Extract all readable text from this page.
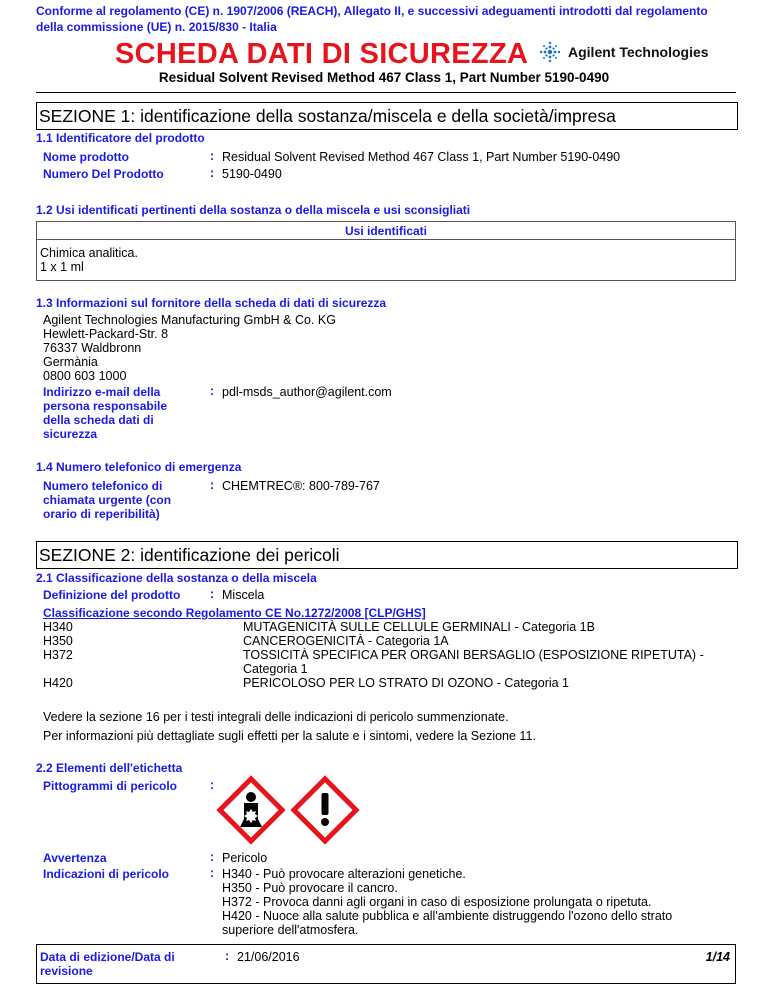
Conforme al regolamento (CE) n. 1907/2006 (REACH), Allegato II, e successivi adeguamenti introdotti dal regolamento della commissione (UE) n. 2015/830 - Italia
SCHEDA DATI DI SICUREZZA	Agilent Technologies
Residual Solvent Revised Method 467 Class 1, Part Number 5190-0490
SEZIONE 1: identificazione della sostanza/miscela e della società/impresa
1.1 Identificatore del prodotto
Nome prodotto	: Residual Solvent Revised Method 467 Class 1, Part Number 5190-0490
Numero Del Prodotto	: 5190-0490
1.2 Usi identificati pertinenti della sostanza o della miscela e usi sconsigliati
Usi identificati

Chimica analitica.
1 x 1 ml
1.3 Informazioni sul fornitore della scheda di dati di sicurezza
Agilent Technologies Manufacturing GmbH & Co. KG
Hewlett-Packard-Str. 8
76337 Waldbronn
Germània
0800 603 1000
Indirizzo e-mail della
persona responsabile
della scheda dati di
sicurezza
: pdl-msds_author@agilent.com
1.4 Numero telefonico di emergenza
Numero telefonico di
chiamata urgente (con
orario di reperibilità)
: CHEMTREC®: 800-789-767
SEZIONE 2: identificazione dei pericoli
2.1 Classificazione della sostanza o della miscela
Definizione del prodotto : Miscela
Classificazione secondo Regolamento CE No.1272/2008 [CLP/GHS]
H340	MUTAGENICITÀ SULLE CELLULE GERMINALI - Categoria 1B
H350	CANCEROGENICITÀ - Categoria 1A
H372	TOSSICITÀ SPECIFICA PER ORGANI BERSAGLIO (ESPOSIZIONE RIPETUTA) -
Categoria 1
H420	PERICOLOSO PER LO STRATO DI OZONO - Categoria 1
Vedere la sezione 16 per i testi integrali delle indicazioni di pericolo summenzionate.
Per informazioni più dettagliate sugli effetti per la salute e i sintomi, vedere la Sezione 11.
2.2 Elementi dell'etichetta
Pittogrammi di pericolo	:
Avvertenza	: Pericolo
Indicazioni di pericolo	: H340 - Può provocare alterazioni genetiche.
H350 - Può provocare il cancro.
H372 - Provoca danni agli organi in caso di esposizione prolungata o ripetuta.
H420 - Nuoce alla salute pubblica e all'ambiente distruggendo l'ozono dello strato
superiore dell'atmosfera.
Data di edizione/Data di
revisione
: 21/06/2016	1/14
